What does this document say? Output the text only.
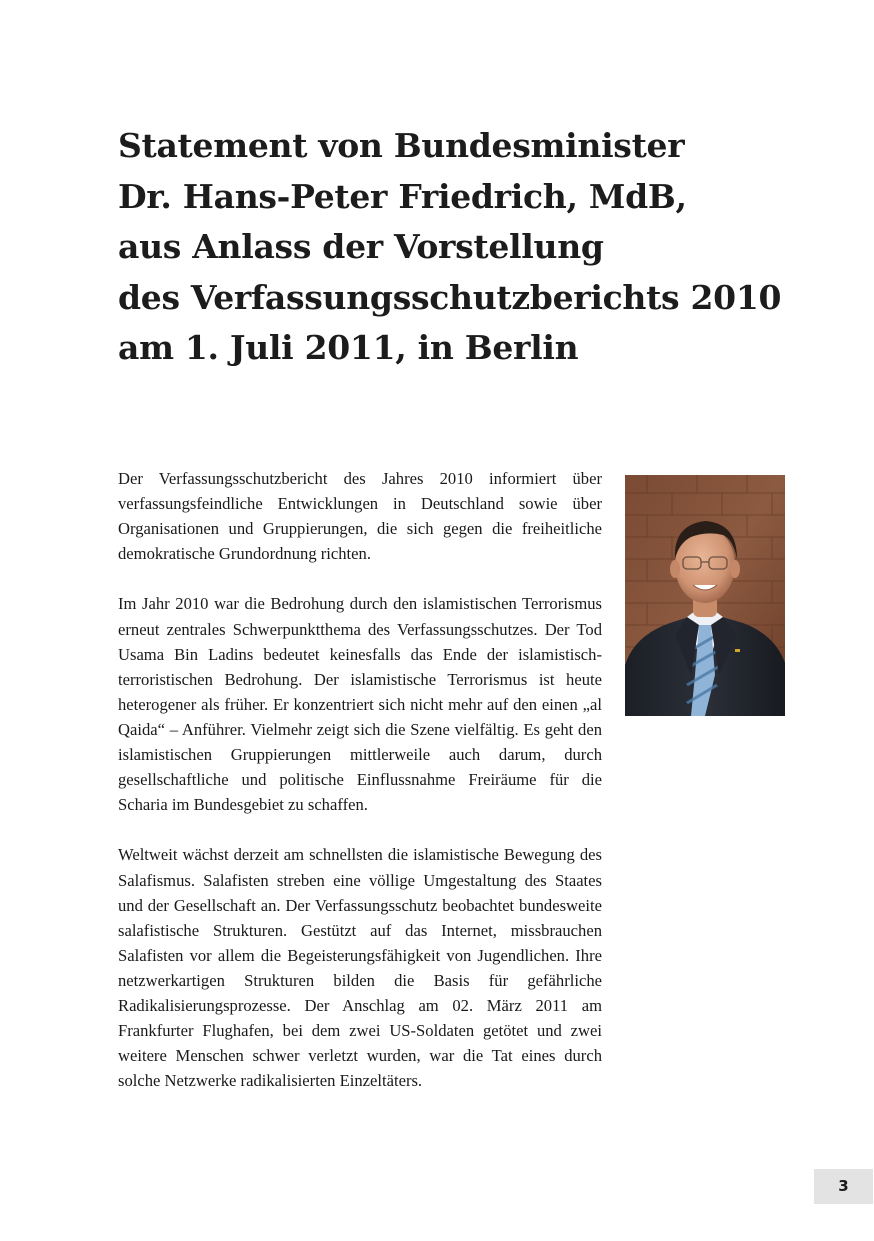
Statement von Bundesminister
Dr. Hans-Peter Friedrich, MdB,
aus Anlass der Vorstellung
des Verfassungsschutzberichts 2010
am 1. Juli 2011, in Berlin

Der Verfassungsschutzbericht des Jahres 2010 informiert über verfassungsfeindliche Entwicklungen in Deutschland sowie über Organisationen und Gruppierungen, die sich gegen die freiheitliche demokratische Grundordnung richten.

Im Jahr 2010 war die Bedrohung durch den islamistischen Terrorismus erneut zentrales Schwerpunktthema des Verfassungsschutzes. Der Tod Usama Bin Ladins bedeutet keinesfalls das Ende der islamistisch-terroristischen Bedrohung. Der islamistische Terrorismus ist heute heterogener als früher. Er konzentriert sich nicht mehr auf den einen „al Qaida“ – Anführer. Vielmehr zeigt sich die Szene vielfältig. Es geht den islamistischen Gruppierungen mittlerweile auch darum, durch gesellschaftliche und politische Einflussnahme Freiräume für die Scharia im Bundesgebiet zu schaffen.

Weltweit wächst derzeit am schnellsten die islamistische Bewegung des Salafismus. Salafisten streben eine völlige Umgestaltung des Staates und der Gesellschaft an. Der Verfassungsschutz beobachtet bundesweite salafistische Strukturen. Gestützt auf das Internet, missbrauchen Salafisten vor allem die Begeisterungsfähigkeit von Jugendlichen. Ihre netzwerkartigen Strukturen bilden die Basis für gefährliche Radikalisierungsprozesse. Der Anschlag am 02. März 2011 am Frankfurter Flughafen, bei dem zwei US-Soldaten getötet und zwei weitere Menschen schwer verletzt wurden, war die Tat eines durch solche Netzwerke radikalisierten Einzeltäters.

3
